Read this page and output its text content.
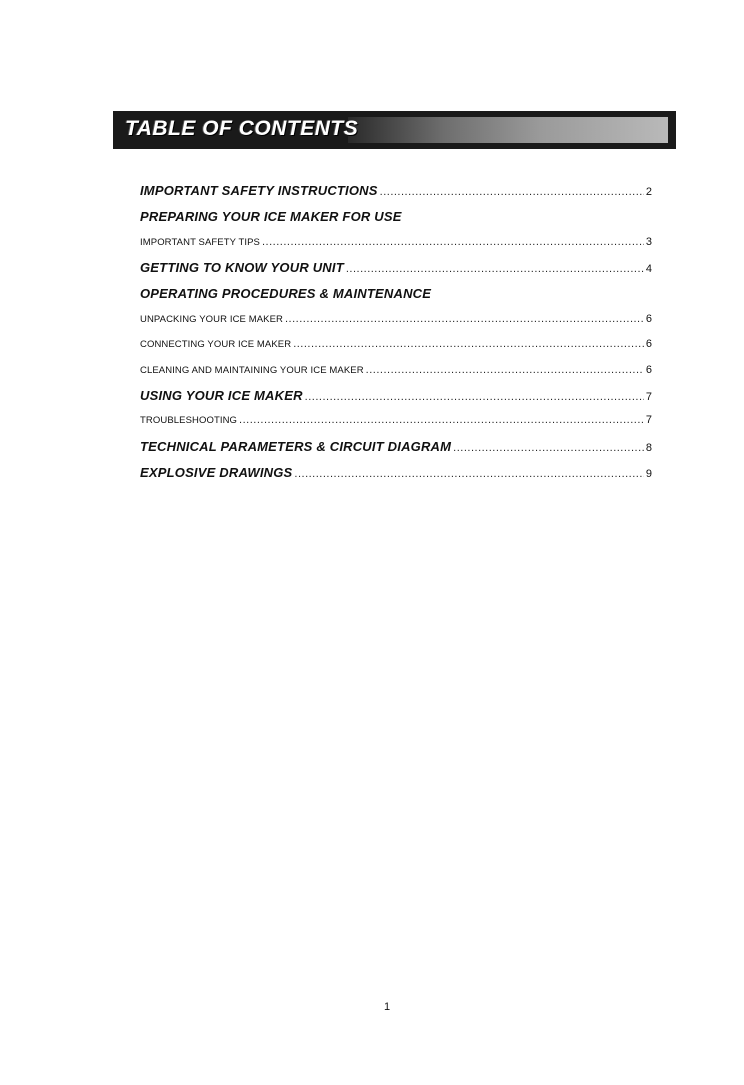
TABLE OF CONTENTS
IMPORTANT SAFETY INSTRUCTIONS .....	2
PREPARING YOUR ICE MAKER FOR USE
IMPORTANT SAFETY TIPS .....	3
GETTING TO KNOW YOUR UNIT .....	4
OPERATING PROCEDURES & MAINTENANCE
UNPACKING YOUR ICE MAKER .....	6
CONNECTING YOUR ICE MAKER .....	6
CLEANING AND MAINTAINING YOUR ICE MAKER .....	6
USING YOUR ICE MAKER .....	7
TROUBLESHOOTING .....	7
TECHNICAL PARAMETERS & CIRCUIT DIAGRAM .....	8
EXPLOSIVE DRAWINGS .....	9
1
